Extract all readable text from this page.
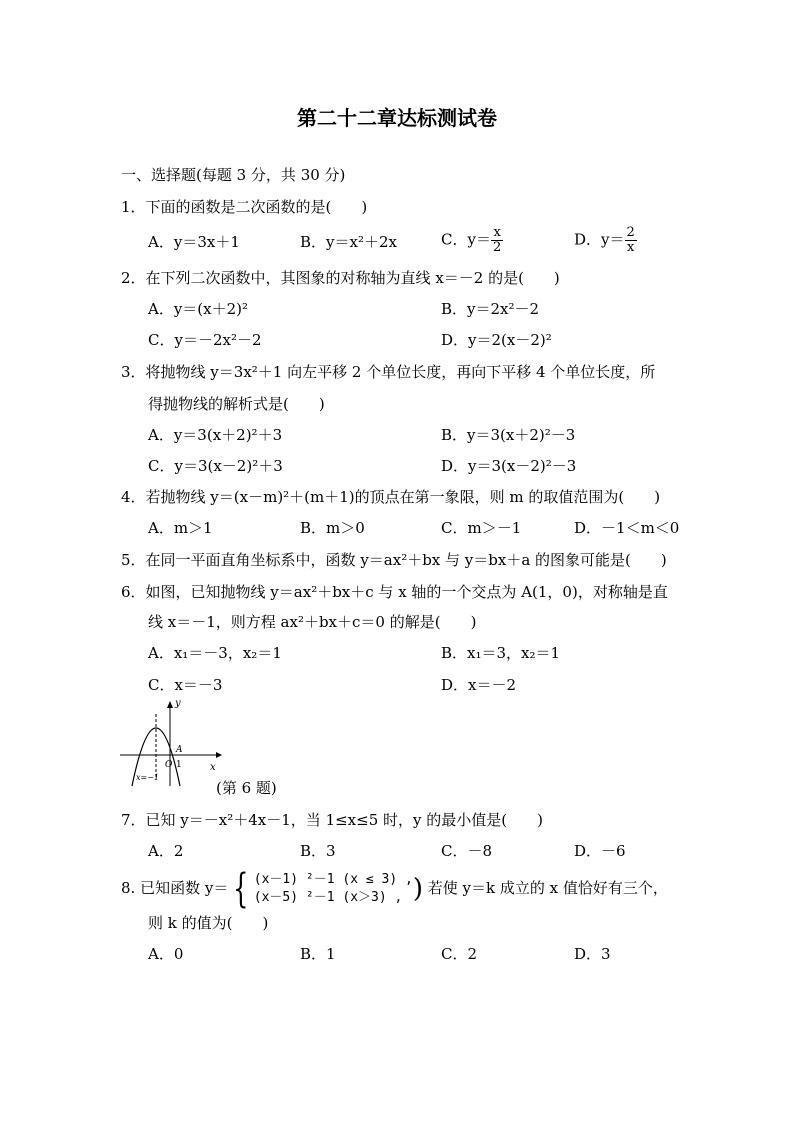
第二十二章达标测试卷
一、选择题(每题 3 分，共 30 分)
1．下面的函数是二次函数的是(　　)
A．y＝3x＋1	B．y＝x²＋2x	C．$y= \frac{x}{2}$	D．$y= \frac{2}{x}$
2．在下列二次函数中，其图象的对称轴为直线 x＝－2 的是(　　)
A．y＝(x＋2)²	B．y＝2x²－2
C．y＝－2x²－2	D．y＝2(x－2)²
3．将抛物线 y＝3x²＋1 向左平移 2 个单位长度，再向下平移 4 个单位长度，所
得抛物线的解析式是(　　)
A．y＝3(x＋2)²＋3	B．y＝3(x＋2)²－3
C．y＝3(x－2)²＋3	D．y＝3(x－2)²－3
4．若抛物线 y＝(x－m)²＋(m＋1)的顶点在第一象限，则 m 的取值范围为(　　)
A．m＞1	B．m＞0	C．m＞－1	D．－1＜m＜0
5．在同一平面直角坐标系中，函数 y＝ax²＋bx 与 y＝bx＋a 的图象可能是(　　)
6．如图，已知抛物线 y＝ax²＋bx＋c 与 x 轴的一个交点为 A(1，0)，对称轴是直
线 x＝－1，则方程 ax²＋bx＋c＝0 的解是(　　)
A．x₁＝－3，x₂＝1	B．x₁＝3，x₂＝1
C．x＝－3	D．x＝－2
y
x
A
O 1
x=−1
(第 6 题)
7．已知 y＝－x²＋4x－1，当 1≤x≤5 时，y 的最小值是(　　)
A．2	B．3	C．－8	D．－6
8. 已知函数 y＝ { (x－1) ²－1 (x ≤ 3) ,
(x－5) ²－1 (x＞3) , ) 若使 y＝k 成立的 x 值恰好有三个，
则 k 的值为(　　)
A．0	B．1	C．2	D．3
